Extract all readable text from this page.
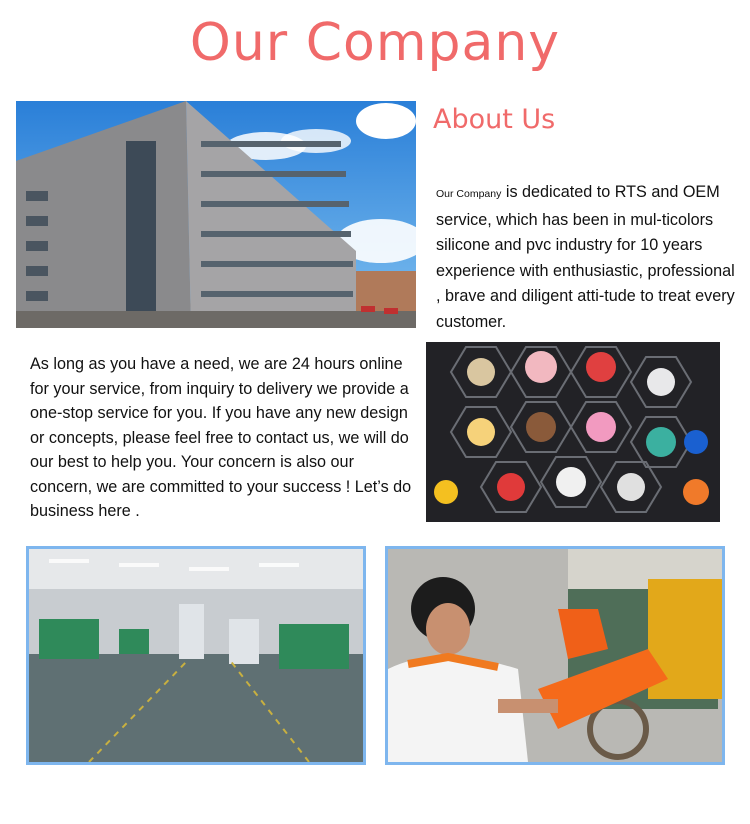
Our Company
About Us
Our Company is dedicated to RTS and OEM service, which has been in mul-ticolors silicone and pvc industry for 10 years experience with enthusiastic, professional , brave and diligent atti-tude to treat every customer.
As long as you have a need, we are 24 hours online for your service, from inquiry to delivery we provide a one-stop service for you. If you have any new design or concepts, please feel free to contact us, we will do our best to help you. Your concern is also our concern, we are committed to your success ! Let’s do business here .
